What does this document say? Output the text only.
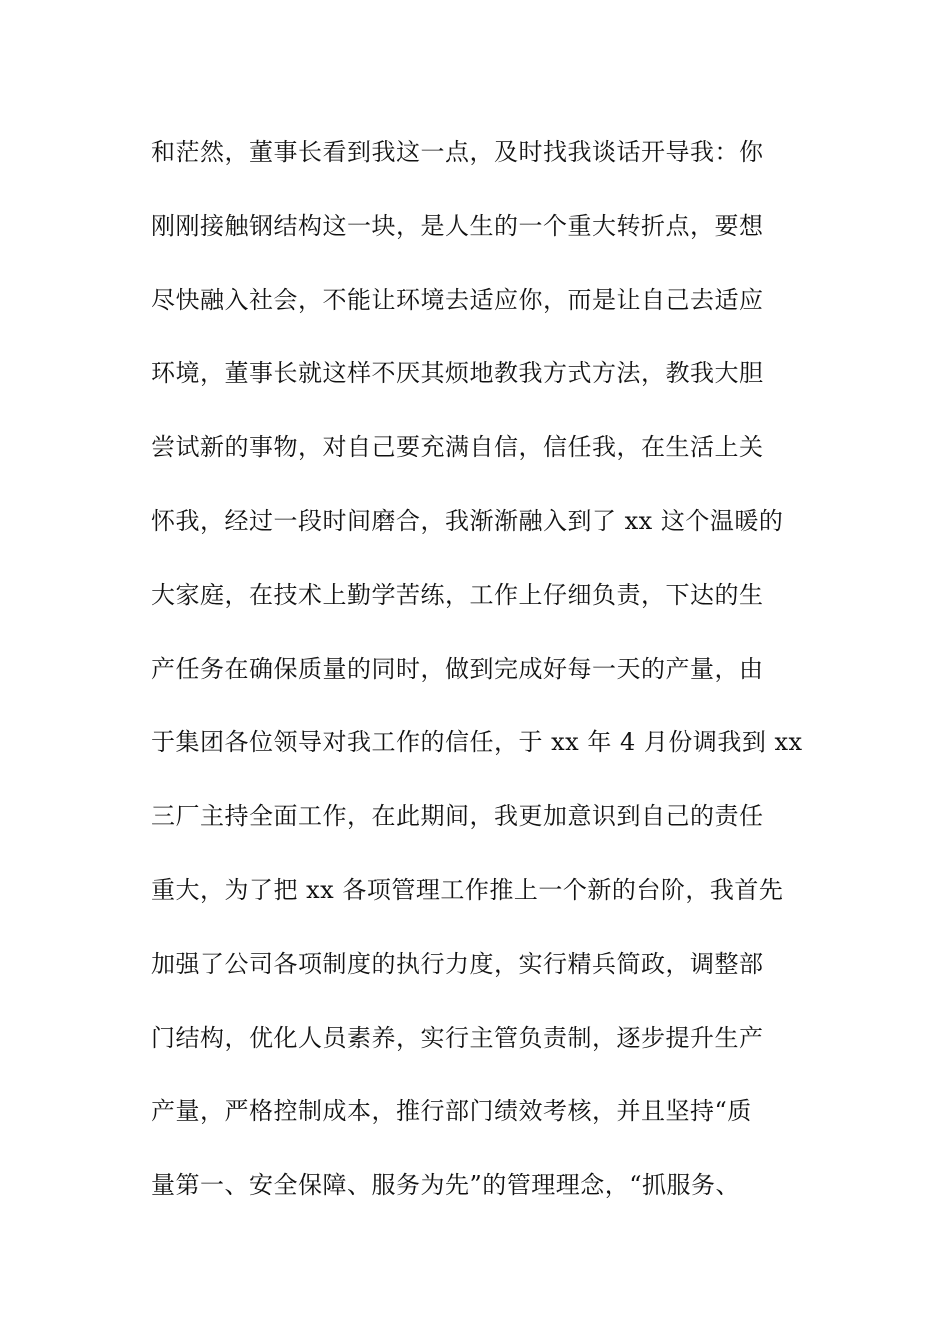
和茫然，董事长看到我这一点，及时找我谈话开导我：你
刚刚接触钢结构这一块，是人生的一个重大转折点，要想
尽快融入社会，不能让环境去适应你，而是让自己去适应
环境，董事长就这样不厌其烦地教我方式方法，教我大胆
尝试新的事物，对自己要充满自信，信任我，在生活上关
怀我，经过一段时间磨合，我渐渐融入到了 xx 这个温暖的
大家庭，在技术上勤学苦练，工作上仔细负责，下达的生
产任务在确保质量的同时，做到完成好每一天的产量，由
于集团各位领导对我工作的信任，于 xx 年 4 月份调我到 xx
三厂主持全面工作，在此期间，我更加意识到自己的责任
重大，为了把 xx 各项管理工作推上一个新的台阶，我首先
加强了公司各项制度的执行力度，实行精兵简政，调整部
门结构，优化人员素养，实行主管负责制，逐步提升生产
产量，严格控制成本，推行部门绩效考核，并且坚持“质
量第一、安全保障、服务为先”的管理理念，“抓服务、
